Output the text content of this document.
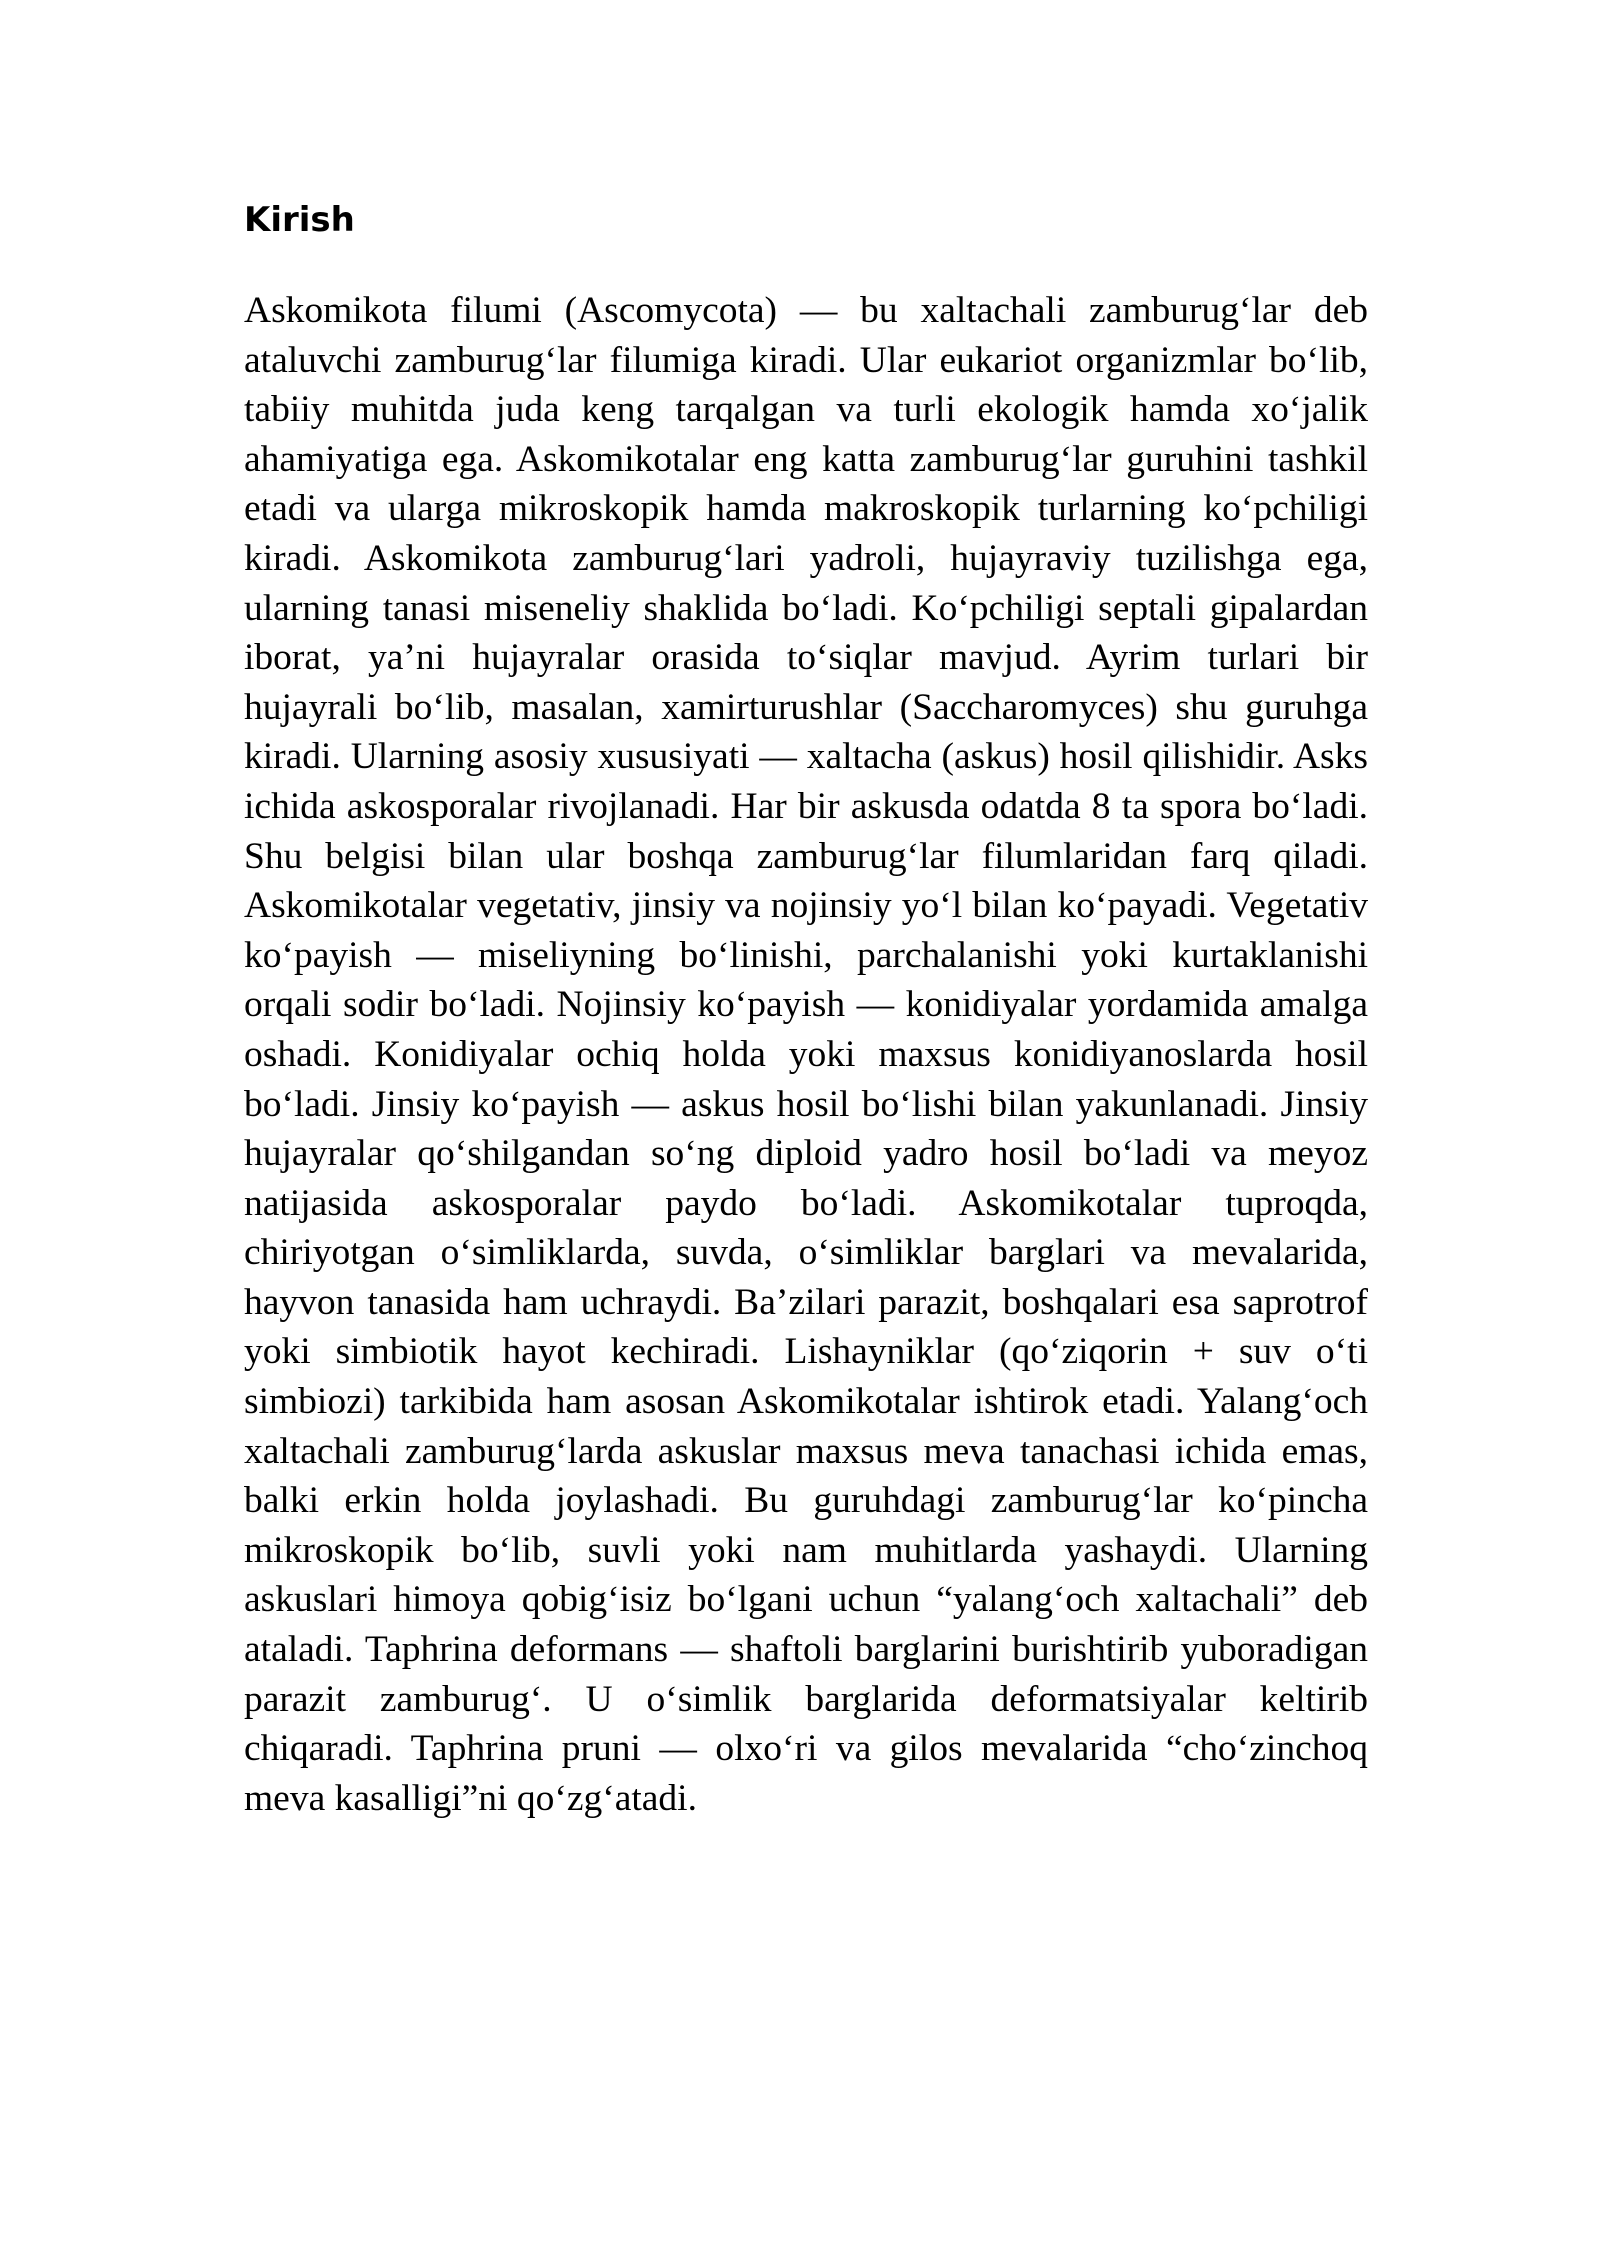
Kirish

Askomikota filumi (Ascomycota) — bu xaltachali zamburug‘lar deb ataluvchi zamburug‘lar filumiga kiradi. Ular eukariot organizmlar bo‘lib, tabiiy muhitda juda keng tarqalgan va turli ekologik hamda xo‘jalik ahamiyatiga ega. Askomikotalar eng katta zamburug‘lar guruhini tashkil etadi va ularga mikroskopik hamda makroskopik turlarning ko‘pchiligi kiradi. Askomikota zamburug‘lari yadroli, hujayraviy tuzilishga ega, ularning tanasi miseneliy shaklida bo‘ladi. Ko‘pchiligi septali gipalardan iborat, ya’ni hujayralar orasida to‘siqlar mavjud. Ayrim turlari bir hujayrali bo‘lib, masalan, xamirturushlar (Saccharomyces) shu guruhga kiradi. Ularning asosiy xususiyati — xaltacha (askus) hosil qilishidir. Asks ichida askosporalar rivojlanadi. Har bir askusda odatda 8 ta spora bo‘ladi. Shu belgisi bilan ular boshqa zamburug‘lar filumlaridan farq qiladi. Askomikotalar vegetativ, jinsiy va nojinsiy yo‘l bilan ko‘payadi. Vegetativ ko‘payish — miseliyning bo‘linishi, parchalanishi yoki kurtaklanishi orqali sodir bo‘ladi. Nojinsiy ko‘payish — konidiyalar yordamida amalga oshadi. Konidiyalar ochiq holda yoki maxsus konidiyanoslarda hosil bo‘ladi. Jinsiy ko‘payish — askus hosil bo‘lishi bilan yakunlanadi. Jinsiy hujayralar qo‘shilgandan so‘ng diploid yadro hosil bo‘ladi va meyoz natijasida askosporalar paydo bo‘ladi. Askomikotalar tuproqda, chiriyotgan o‘simliklarda, suvda, o‘simliklar barglari va mevalarida, hayvon tanasida ham uchraydi. Ba’zilari parazit, boshqalari esa saprotrof yoki simbiotik hayot kechiradi. Lishayniklar (qo‘ziqorin + suv o‘ti simbiozi) tarkibida ham asosan Askomikotalar ishtirok etadi. Yalang‘och xaltachali zamburug‘larda askuslar maxsus meva tanachasi ichida emas, balki erkin holda joylashadi. Bu guruhdagi zamburug‘lar ko‘pincha mikroskopik bo‘lib, suvli yoki nam muhitlarda yashaydi. Ularning askuslari himoya qobig‘isiz bo‘lgani uchun “yalang‘och xaltachali” deb ataladi. Taphrina deformans — shaftoli barglarini burishtirib yuboradigan parazit zamburug‘. U o‘simlik barglarida deformatsiyalar keltirib chiqaradi. Taphrina pruni — olxo‘ri va gilos mevalarida “cho‘zinchoq meva kasalligi”ni qo‘zg‘atadi.
